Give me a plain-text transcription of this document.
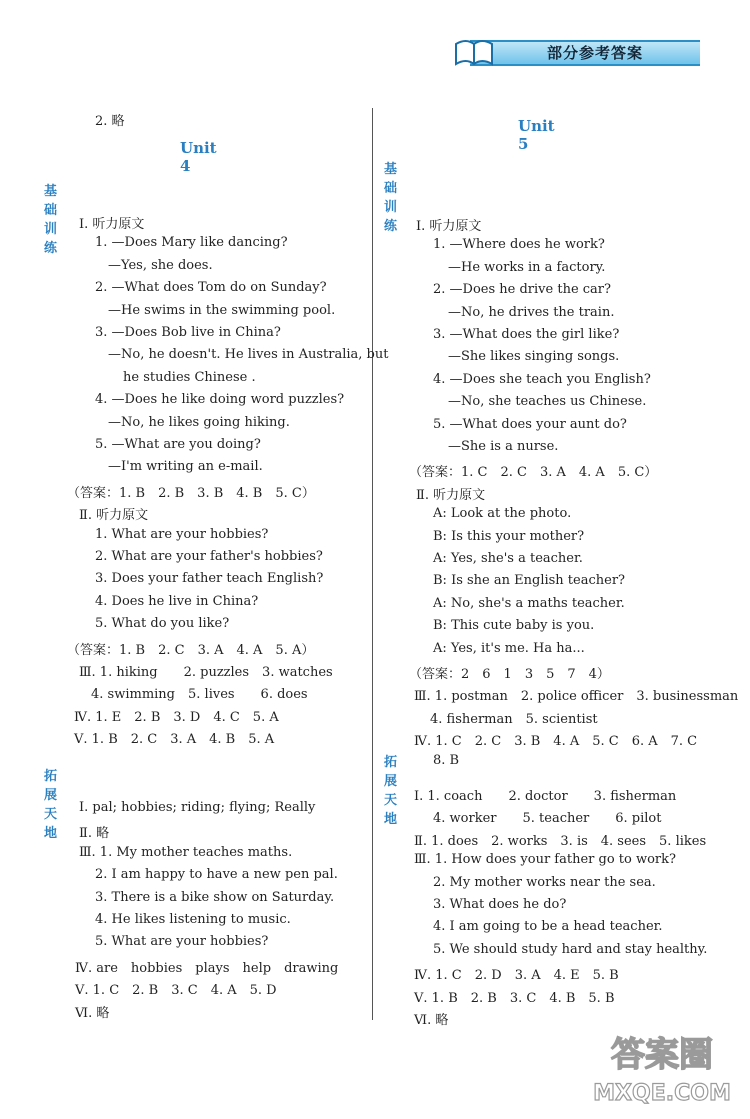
部分参考答案
2. 略
Unit 4
基础训练
Ⅰ. 听力原文
1. —Does Mary like dancing?
—Yes, she does.
2. —What does Tom do on Sunday?
—He swims in the swimming pool.
3. —Does Bob live in China?
—No, he doesn't. He lives in Australia, but
he studies Chinese .
4. —Does he like doing word puzzles?
—No, he likes going hiking.
5. —What are you doing?
—I'm writing an e-mail.
（答案：1. B　2. B　3. B　4. B　5. C）
Ⅱ. 听力原文
1. What are your hobbies?
2. What are your father's hobbies?
3. Does your father teach English?
4. Does he live in China?
5. What do you like?
（答案：1. B　2. C　3. A　4. A　5. A）
Ⅲ. 1. hiking　　2. puzzles　3. watches
4. swimming　5. lives　　6. does
Ⅳ. 1. E　2. B　3. D　4. C　5. A
Ⅴ. 1. B　2. C　3. A　4. B　5. A
拓展天地
Ⅰ. pal; hobbies; riding; flying; Really
Ⅱ. 略
Ⅲ. 1. My mother teaches maths.
2. I am happy to have a new pen pal.
3. There is a bike show on Saturday.
4. He likes listening to music.
5. What are your hobbies?
Ⅳ. are　hobbies　plays　help　drawing
Ⅴ. 1. C　2. B　3. C　4. A　5. D
Ⅵ. 略
Unit 5
基础训练 Ⅰ. 听力原文
1. —Where does he work?
—He works in a factory.
2. —Does he drive the car?
—No, he drives the train.
3. —What does the girl like?
—She likes singing songs.
4. —Does she teach you English?
—No, she teaches us Chinese.
5. —What does your aunt do?
—She is a nurse.
（答案：1. C　2. C　3. A　4. A　5. C）
Ⅱ. 听力原文
A: Look at the photo.
B: Is this your mother?
A: Yes, she's a teacher.
B: Is she an English teacher?
A: No, she's a maths teacher.
B: This cute baby is you.
A: Yes, it's me. Ha ha...
（答案：2　6　1　3　5　7　4）
Ⅲ. 1. postman　2. police officer　3. businessman
4. fisherman　5. scientist
Ⅳ. 1. C　2. C　3. B　4. A　5. C　6. A　7. C
8. B
拓展天地
Ⅰ. 1. coach　　2. doctor　　3. fisherman
4. worker　　5. teacher　　6. pilot
Ⅱ. 1. does　2. works　3. is　4. sees　5. likes
Ⅲ. 1. How does your father go to work?
2. My mother works near the sea.
3. What does he do?
4. I am going to be a head teacher.
5. We should study hard and stay healthy.
Ⅳ. 1. C　2. D　3. A　4. E　5. B
Ⅴ. 1. B　2. B　3. C　4. B　5. B
Ⅵ. 略
答案圈
MXQE.COM
